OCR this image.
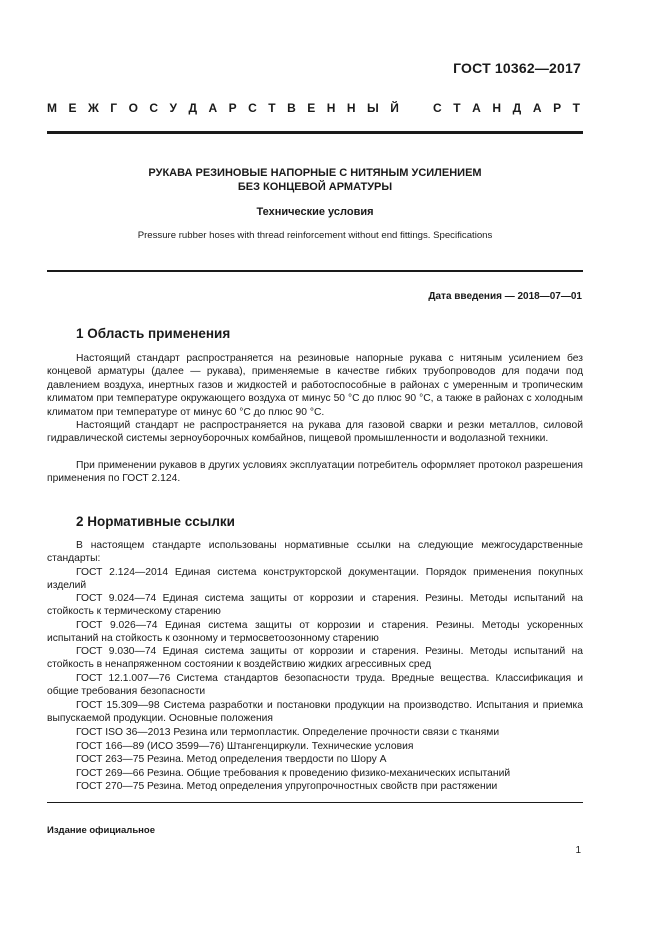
ГОСТ 10362—2017
М Е Ж Г О С У Д А Р С Т В Е Н Н Ы Й	С Т А Н Д А Р Т
РУКАВА РЕЗИНОВЫЕ НАПОРНЫЕ С НИТЯНЫМ УСИЛЕНИЕМ
БЕЗ КОНЦЕВОЙ АРМАТУРЫ
Технические условия
Pressure rubber hoses with thread reinforcement without end fittings. Specifications
Дата введения — 2018—07—01
1 Область применения

Настоящий стандарт распространяется на резиновые напорные рукава с нитяным усилением без концевой арматуры (далее — рукава), применяемые в качестве гибких трубопроводов для подачи под давлением воздуха, инертных газов и жидкостей и работоспособные в районах с умеренным и тропическим климатом при температуре окружающего воздуха от минус 50 °С до плюс 90 °С, а также в районах с холодным климатом при температуре от минус 60 °С до плюс 90 °С.

Настоящий стандарт не распространяется на рукава для газовой сварки и резки металлов, силовой гидравлической системы зерноуборочных комбайнов, пищевой промышленности и водолазной техники.

При применении рукавов в других условиях эксплуатации потребитель оформляет протокол разрешения применения по ГОСТ 2.124.

2 Нормативные ссылки

В настоящем стандарте использованы нормативные ссылки на следующие межгосударственные стандарты:

ГОСТ 2.124—2014 Единая система конструкторской документации. Порядок применения покупных изделий

ГОСТ 9.024—74 Единая система защиты от коррозии и старения. Резины. Методы испытаний на стойкость к термическому старению

ГОСТ 9.026—74 Единая система защиты от коррозии и старения. Резины. Методы ускоренных испытаний на стойкость к озонному и термосветоозонному старению

ГОСТ 9.030—74 Единая система защиты от коррозии и старения. Резины. Методы испытаний на стойкость в ненапряженном состоянии к воздействию жидких агрессивных сред

ГОСТ 12.1.007—76 Система стандартов безопасности труда. Вредные вещества. Классификация и общие требования безопасности

ГОСТ 15.309—98 Система разработки и постановки продукции на производство. Испытания и приемка выпускаемой продукции. Основные положения

ГОСТ ISO 36—2013 Резина или термопластик. Определение прочности связи с тканями

ГОСТ 166—89 (ИСО 3599—76) Штангенциркули. Технические условия

ГОСТ 263—75 Резина. Метод определения твердости по Шору А

ГОСТ 269—66 Резина. Общие требования к проведению физико-механических испытаний

ГОСТ 270—75 Резина. Метод определения упругопрочностных свойств при растяжении

Издание официальное
1
